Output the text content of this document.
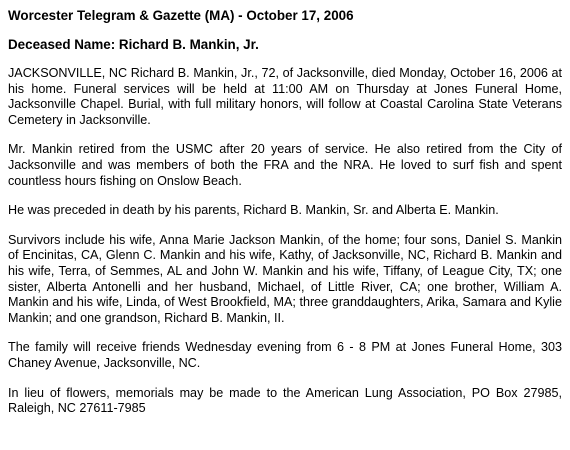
Worcester Telegram & Gazette (MA) - October 17, 2006
Deceased Name: Richard B. Mankin, Jr.

JACKSONVILLE, NC Richard B. Mankin, Jr., 72, of Jacksonville, died Monday, October 16, 2006 at his home. Funeral services will be held at 11:00 AM on Thursday at Jones Funeral Home, Jacksonville Chapel. Burial, with full military honors, will follow at Coastal Carolina State Veterans Cemetery in Jacksonville.

Mr. Mankin retired from the USMC after 20 years of service. He also retired from the City of Jacksonville and was members of both the FRA and the NRA. He loved to surf fish and spent countless hours fishing on Onslow Beach.

He was preceded in death by his parents, Richard B. Mankin, Sr. and Alberta E. Mankin.

Survivors include his wife, Anna Marie Jackson Mankin, of the home; four sons, Daniel S. Mankin of Encinitas, CA, Glenn C. Mankin and his wife, Kathy, of Jacksonville, NC, Richard B. Mankin and his wife, Terra, of Semmes, AL and John W. Mankin and his wife, Tiffany, of League City, TX; one sister, Alberta Antonelli and her husband, Michael, of Little River, CA; one brother, William A. Mankin and his wife, Linda, of West Brookfield, MA; three granddaughters, Arika, Samara and Kylie Mankin; and one grandson, Richard B. Mankin, II.

The family will receive friends Wednesday evening from 6 - 8 PM at Jones Funeral Home, 303 Chaney Avenue, Jacksonville, NC.

In lieu of flowers, memorials may be made to the American Lung Association, PO Box 27985, Raleigh, NC 27611-7985
